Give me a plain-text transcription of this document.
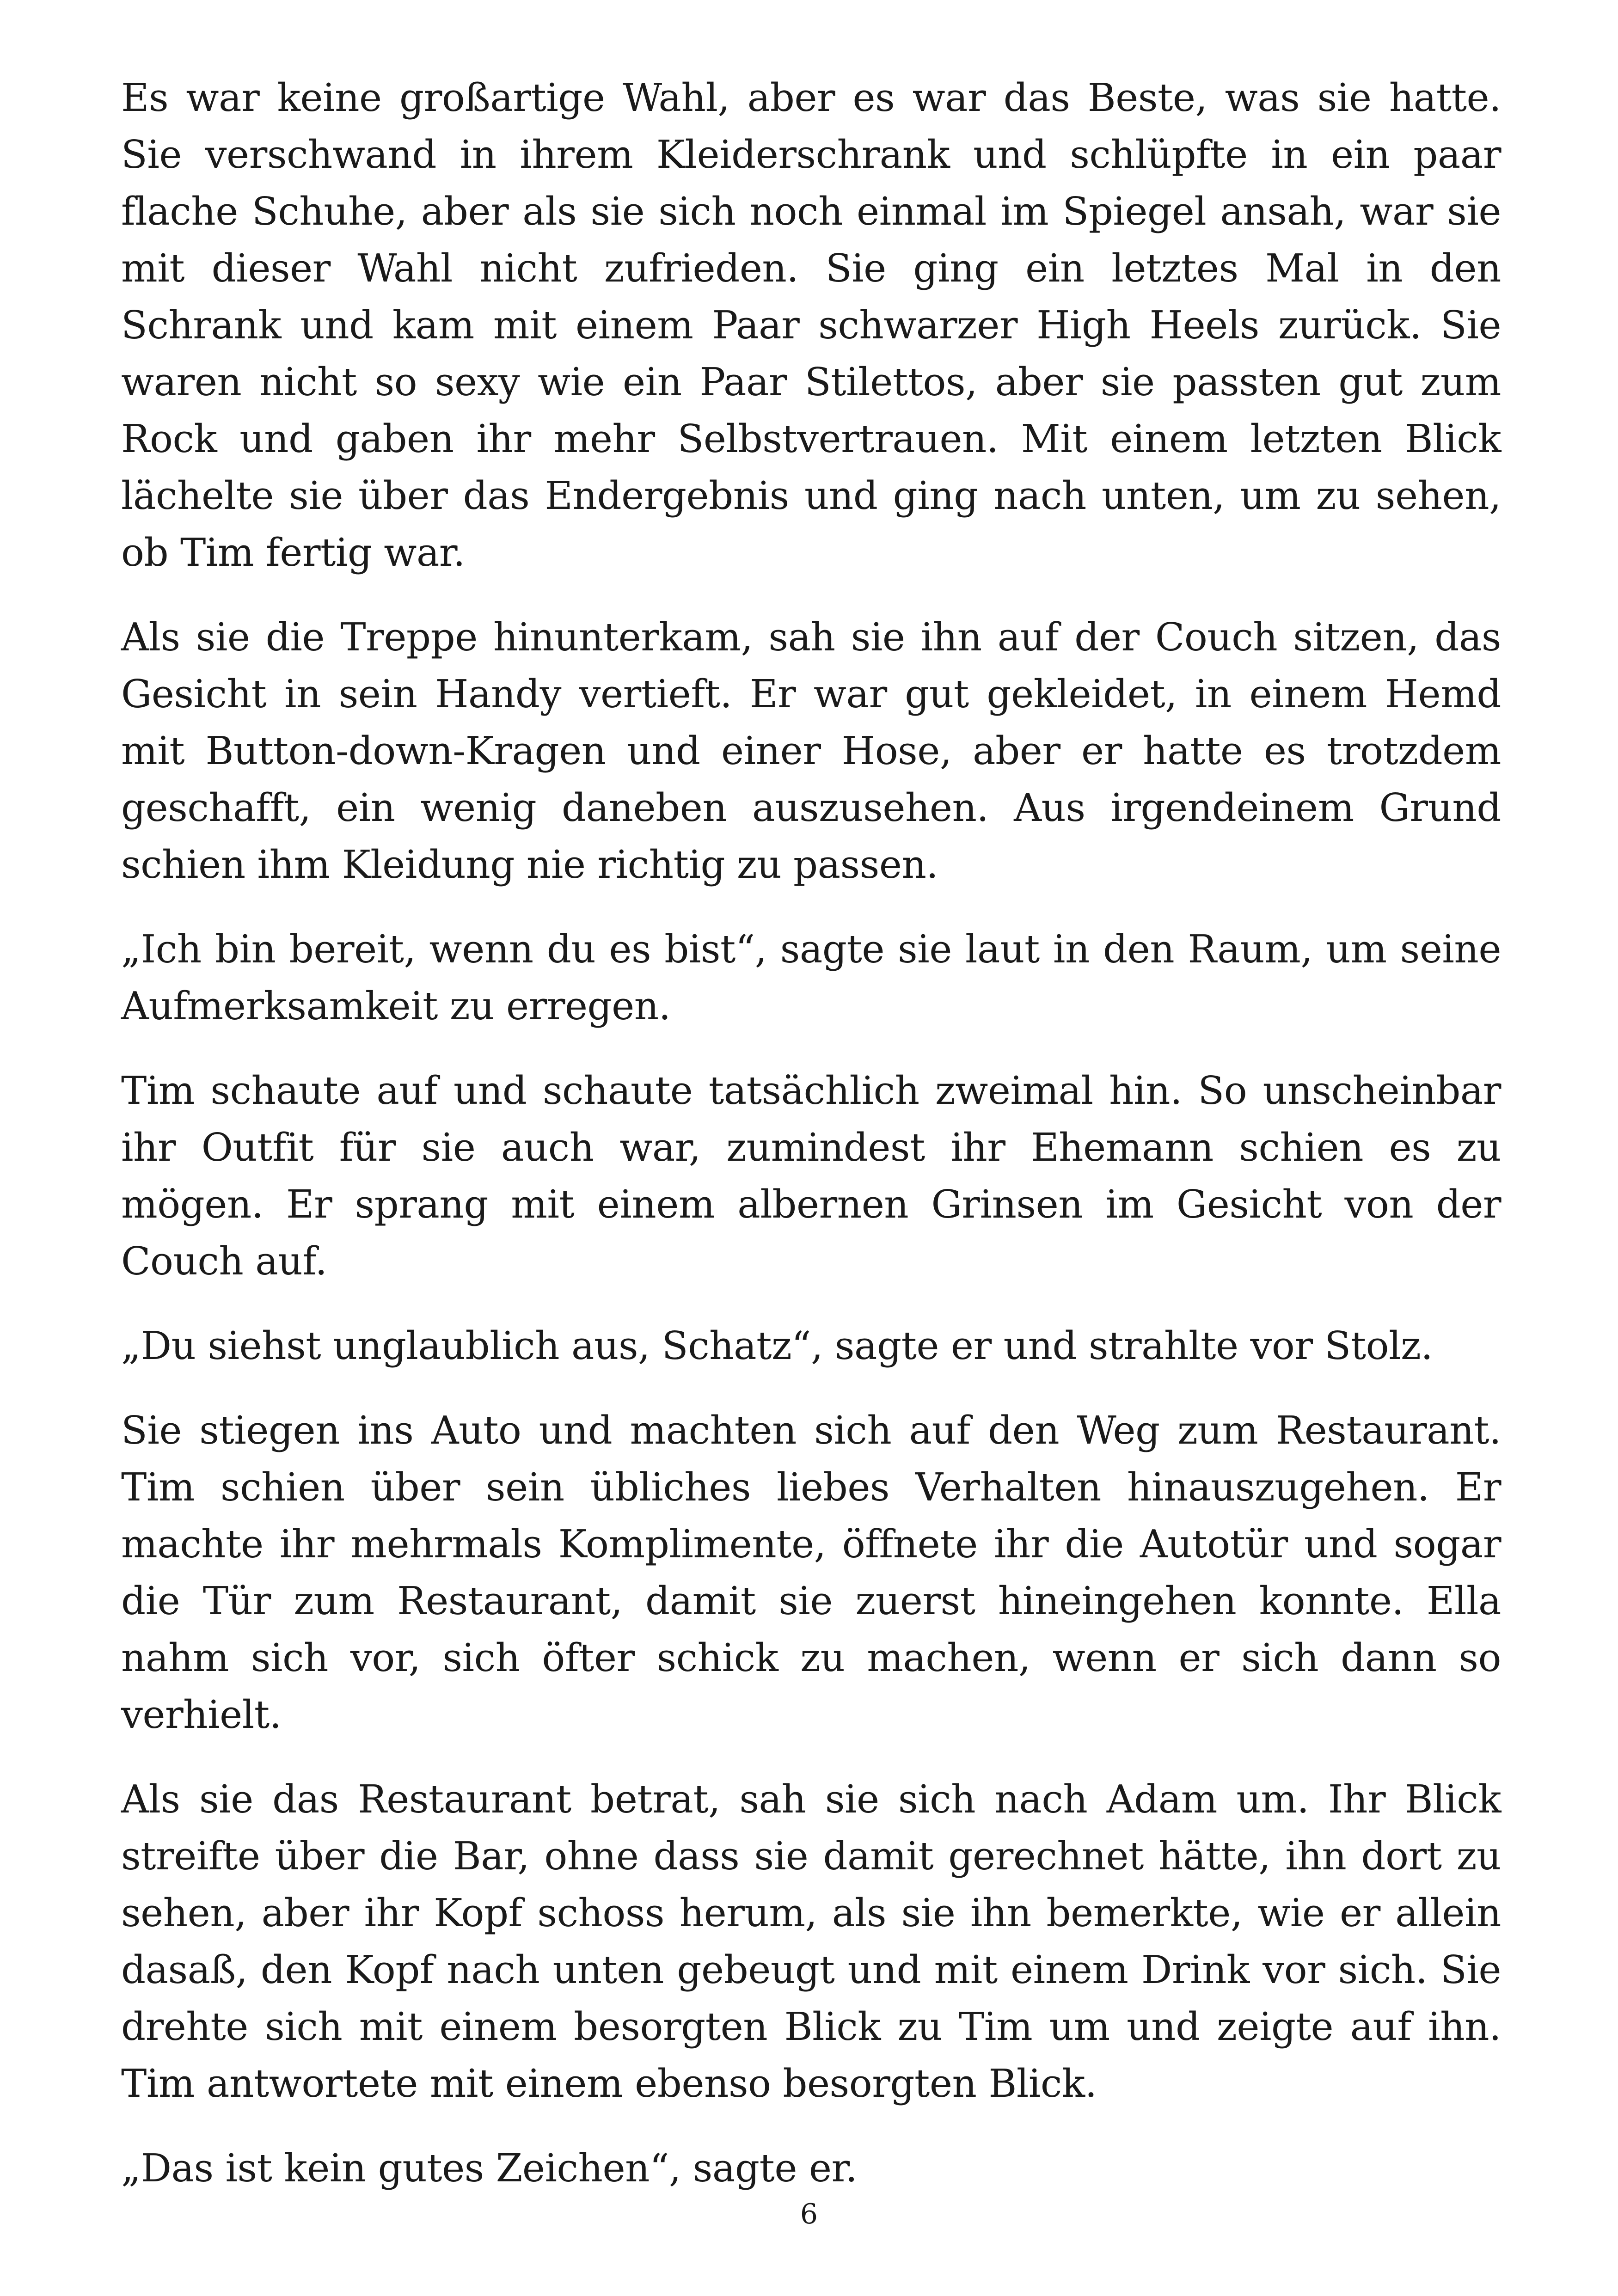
Es war keine großartige Wahl, aber es war das Beste, was sie hatte. Sie verschwand in ihrem Kleiderschrank und schlüpfte in ein paar flache Schuhe, aber als sie sich noch einmal im Spiegel ansah, war sie mit dieser Wahl nicht zufrieden. Sie ging ein letztes Mal in den Schrank und kam mit einem Paar schwarzer High Heels zurück. Sie waren nicht so sexy wie ein Paar Stilettos, aber sie passten gut zum Rock und gaben ihr mehr Selbstvertrauen. Mit einem letzten Blick lächelte sie über das Endergebnis und ging nach unten, um zu sehen, ob Tim fertig war.

Als sie die Treppe hinunterkam, sah sie ihn auf der Couch sitzen, das Gesicht in sein Handy vertieft. Er war gut gekleidet, in einem Hemd mit Button-down-Kragen und einer Hose, aber er hatte es trotzdem geschafft, ein wenig daneben auszusehen. Aus irgendeinem Grund schien ihm Kleidung nie richtig zu passen.

„Ich bin bereit, wenn du es bist“, sagte sie laut in den Raum, um seine Aufmerksamkeit zu erregen.

Tim schaute auf und schaute tatsächlich zweimal hin. So unscheinbar ihr Outfit für sie auch war, zumindest ihr Ehemann schien es zu mögen. Er sprang mit einem albernen Grinsen im Gesicht von der Couch auf.

„Du siehst unglaublich aus, Schatz“, sagte er und strahlte vor Stolz.

Sie stiegen ins Auto und machten sich auf den Weg zum Restaurant. Tim schien über sein übliches liebes Verhalten hinauszugehen. Er machte ihr mehrmals Komplimente, öffnete ihr die Autotür und sogar die Tür zum Restaurant, damit sie zuerst hineingehen konnte. Ella nahm sich vor, sich öfter schick zu machen, wenn er sich dann so verhielt.

Als sie das Restaurant betrat, sah sie sich nach Adam um. Ihr Blick streifte über die Bar, ohne dass sie damit gerechnet hätte, ihn dort zu sehen, aber ihr Kopf schoss herum, als sie ihn bemerkte, wie er allein dasaß, den Kopf nach unten gebeugt und mit einem Drink vor sich. Sie drehte sich mit einem besorgten Blick zu Tim um und zeigte auf ihn. Tim antwortete mit einem ebenso besorgten Blick.

„Das ist kein gutes Zeichen“, sagte er.

6
